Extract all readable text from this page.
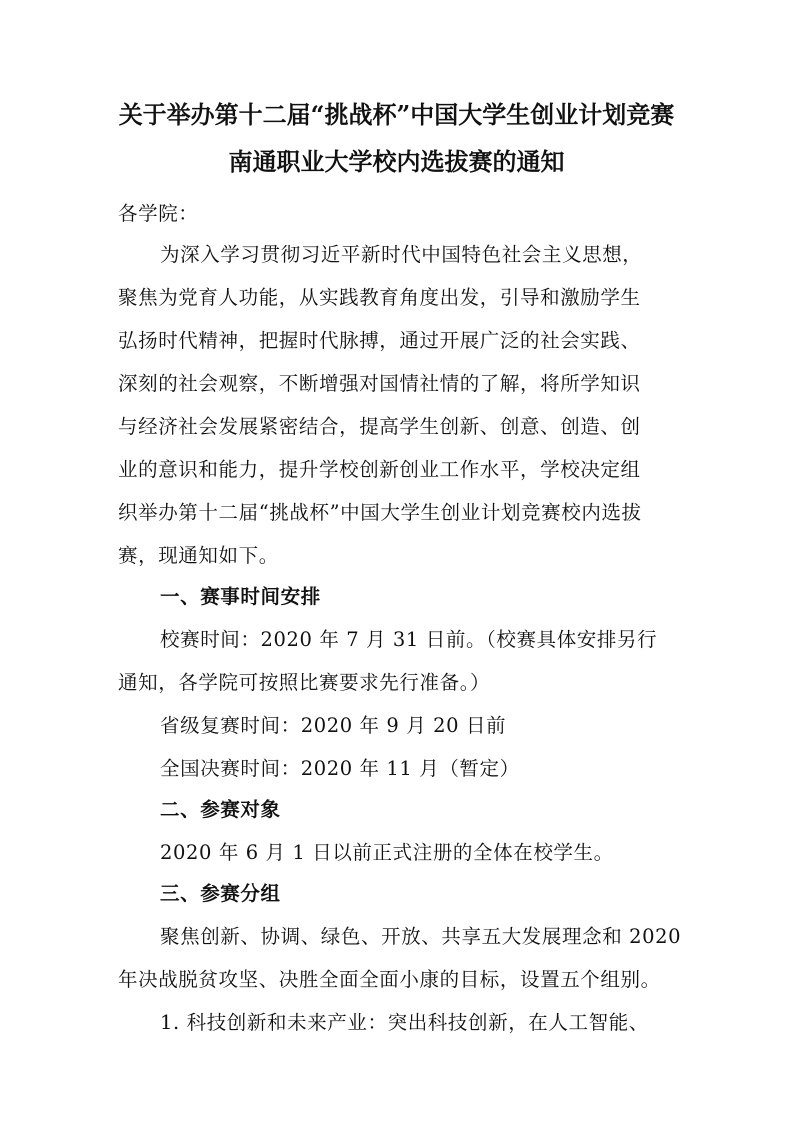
关于举办第十二届“挑战杯”中国大学生创业计划竞赛
南通职业大学校内选拔赛的通知
各学院：
为深入学习贯彻习近平新时代中国特色社会主义思想，
聚焦为党育人功能，从实践教育角度出发，引导和激励学生
弘扬时代精神，把握时代脉搏，通过开展广泛的社会实践、
深刻的社会观察，不断增强对国情社情的了解，将所学知识
与经济社会发展紧密结合，提高学生创新、创意、创造、创
业的意识和能力，提升学校创新创业工作水平，学校决定组
织举办第十二届“挑战杯”中国大学生创业计划竞赛校内选拔
赛，现通知如下。
一、赛事时间安排
校赛时间：2020 年 7 月 31 日前。（校赛具体安排另行
通知，各学院可按照比赛要求先行准备。）
省级复赛时间：2020 年 9 月 20 日前
全国决赛时间：2020 年 11 月（暂定）
二、参赛对象
2020 年 6 月 1 日以前正式注册的全体在校学生。
三、参赛分组
聚焦创新、协调、绿色、开放、共享五大发展理念和 2020
年决战脱贫攻坚、决胜全面全面小康的目标，设置五个组别。
1. 科技创新和未来产业：突出科技创新，在人工智能、
